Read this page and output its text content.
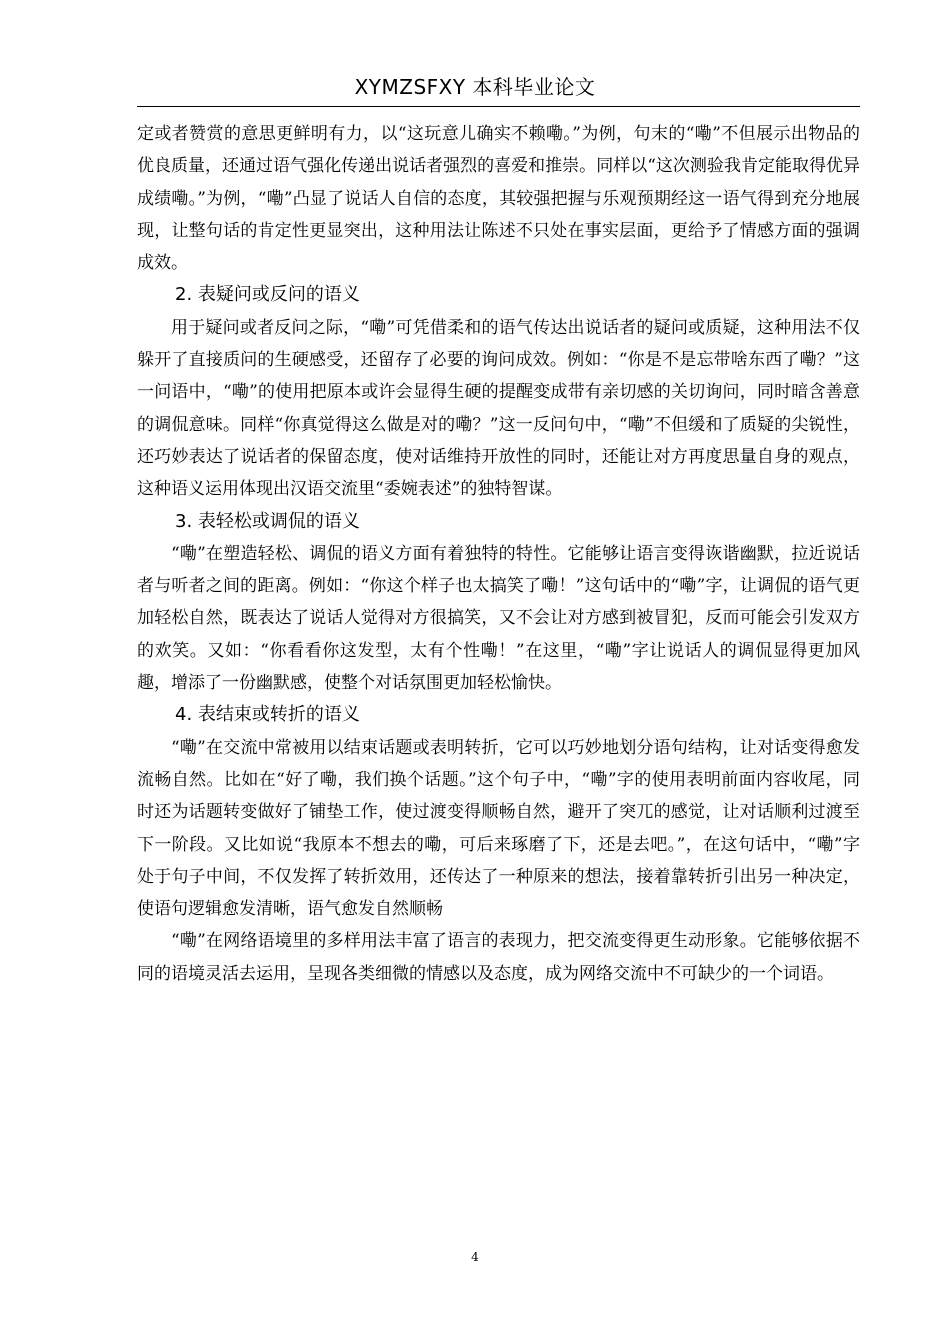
XYMZSFXY 本科毕业论文

定或者赞赏的意思更鲜明有力，以“这玩意儿确实不赖嘞。”为例，句末的“嘞”不但展示出物品的优良质量，还通过语气强化传递出说话者强烈的喜爱和推崇。同样以“这次测验我肯定能取得优异成绩嘞。”为例，“嘞”凸显了说话人自信的态度，其较强把握与乐观预期经这一语气得到充分地展现，让整句话的肯定性更显突出，这种用法让陈述不只处在事实层面，更给予了情感方面的强调成效。

2. 表疑问或反问的语义

用于疑问或者反问之际，“嘞”可凭借柔和的语气传达出说话者的疑问或质疑，这种用法不仅躲开了直接质问的生硬感受，还留存了必要的询问成效。例如：“你是不是忘带啥东西了嘞？”这一问语中，“嘞”的使用把原本或许会显得生硬的提醒变成带有亲切感的关切询问，同时暗含善意的调侃意味。同样“你真觉得这么做是对的嘞？”这一反问句中，“嘞”不但缓和了质疑的尖锐性，还巧妙表达了说话者的保留态度，使对话维持开放性的同时，还能让对方再度思量自身的观点，这种语义运用体现出汉语交流里“委婉表述”的独特智谋。

3. 表轻松或调侃的语义

“嘞”在塑造轻松、调侃的语义方面有着独特的特性。它能够让语言变得诙谐幽默，拉近说话者与听者之间的距离。例如：“你这个样子也太搞笑了嘞！”这句话中的“嘞”字，让调侃的语气更加轻松自然，既表达了说话人觉得对方很搞笑，又不会让对方感到被冒犯，反而可能会引发双方的欢笑。又如：“你看看你这发型，太有个性嘞！”在这里，“嘞”字让说话人的调侃显得更加风趣，增添了一份幽默感，使整个对话氛围更加轻松愉快。

4. 表结束或转折的语义

“嘞”在交流中常被用以结束话题或表明转折，它可以巧妙地划分语句结构，让对话变得愈发流畅自然。比如在“好了嘞，我们换个话题。”这个句子中，“嘞”字的使用表明前面内容收尾，同时还为话题转变做好了铺垫工作，使过渡变得顺畅自然，避开了突兀的感觉，让对话顺利过渡至下一阶段。又比如说“我原本不想去的嘞，可后来琢磨了下，还是去吧。”，在这句话中，“嘞”字处于句子中间，不仅发挥了转折效用，还传达了一种原来的想法，接着靠转折引出另一种决定，使语句逻辑愈发清晰，语气愈发自然顺畅

“嘞”在网络语境里的多样用法丰富了语言的表现力，把交流变得更生动形象。它能够依据不同的语境灵活去运用，呈现各类细微的情感以及态度，成为网络交流中不可缺少的一个词语。

4
